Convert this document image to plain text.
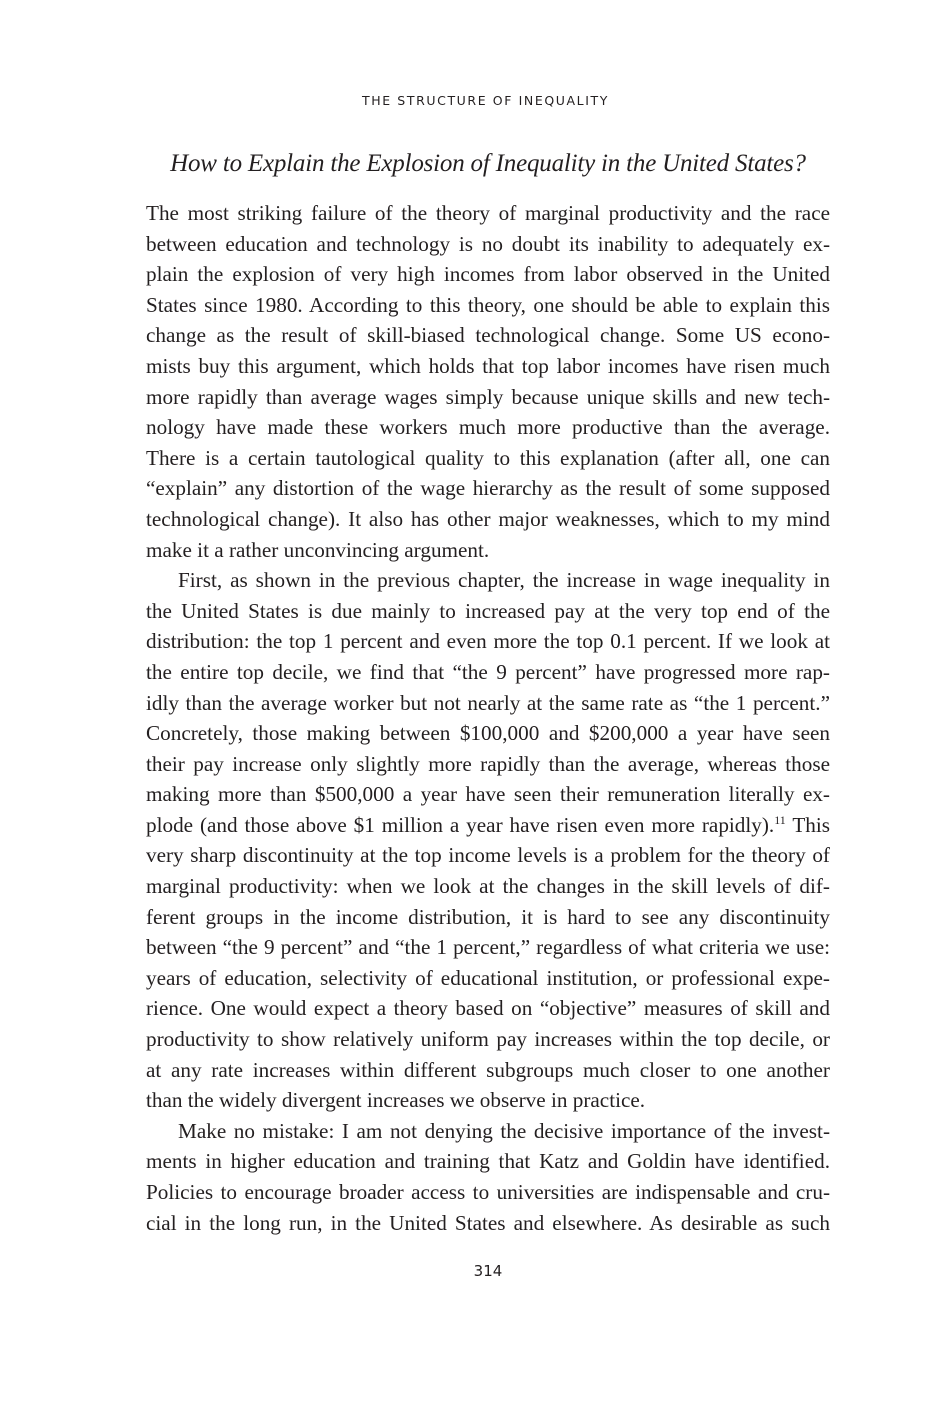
THE STRUCTURE OF INEQUALITY
How to Explain the Explosion of Inequality in the United States?
The most striking failure of the theory of marginal productivity and the race
between education and technology is no doubt its inability to adequately ex-
plain the explosion of very high incomes from labor observed in the United
States since 1980. According to this theory, one should be able to explain this
change as the result of skill-biased technological change. Some US econo-
mists buy this argument, which holds that top labor incomes have risen much
more rapidly than average wages simply because unique skills and new tech-
nology have made these workers much more productive than the average.
There is a certain tautological quality to this explanation (after all, one can
“explain” any distortion of the wage hierarchy as the result of some supposed
technological change). It also has other major weaknesses, which to my mind
make it a rather unconvincing argument.
First, as shown in the previous chapter, the increase in wage inequality in
the United States is due mainly to increased pay at the very top end of the
distribution: the top 1 percent and even more the top 0.1 percent. If we look at
the entire top decile, we find that “the 9 percent” have progressed more rap-
idly than the average worker but not nearly at the same rate as “the 1 percent.”
Concretely, those making between $100,000 and $200,000 a year have seen
their pay increase only slightly more rapidly than the average, whereas those
making more than $500,000 a year have seen their remuneration literally ex-
plode (and those above $1 million a year have risen even more rapidly).$^{11}$ This
very sharp discontinuity at the top income levels is a problem for the theory of
marginal productivity: when we look at the changes in the skill levels of dif-
ferent groups in the income distribution, it is hard to see any discontinuity
between “the 9 percent” and “the 1 percent,” regardless of what criteria we use:
years of education, selectivity of educational institution, or professional expe-
rience. One would expect a theory based on “objective” measures of skill and
productivity to show relatively uniform pay increases within the top decile, or
at any rate increases within different subgroups much closer to one another
than the widely divergent increases we observe in practice.
Make no mistake: I am not denying the decisive importance of the invest-
ments in higher education and training that Katz and Goldin have identified.
Policies to encourage broader access to universities are indispensable and cru-
cial in the long run, in the United States and elsewhere. As desirable as such
314
